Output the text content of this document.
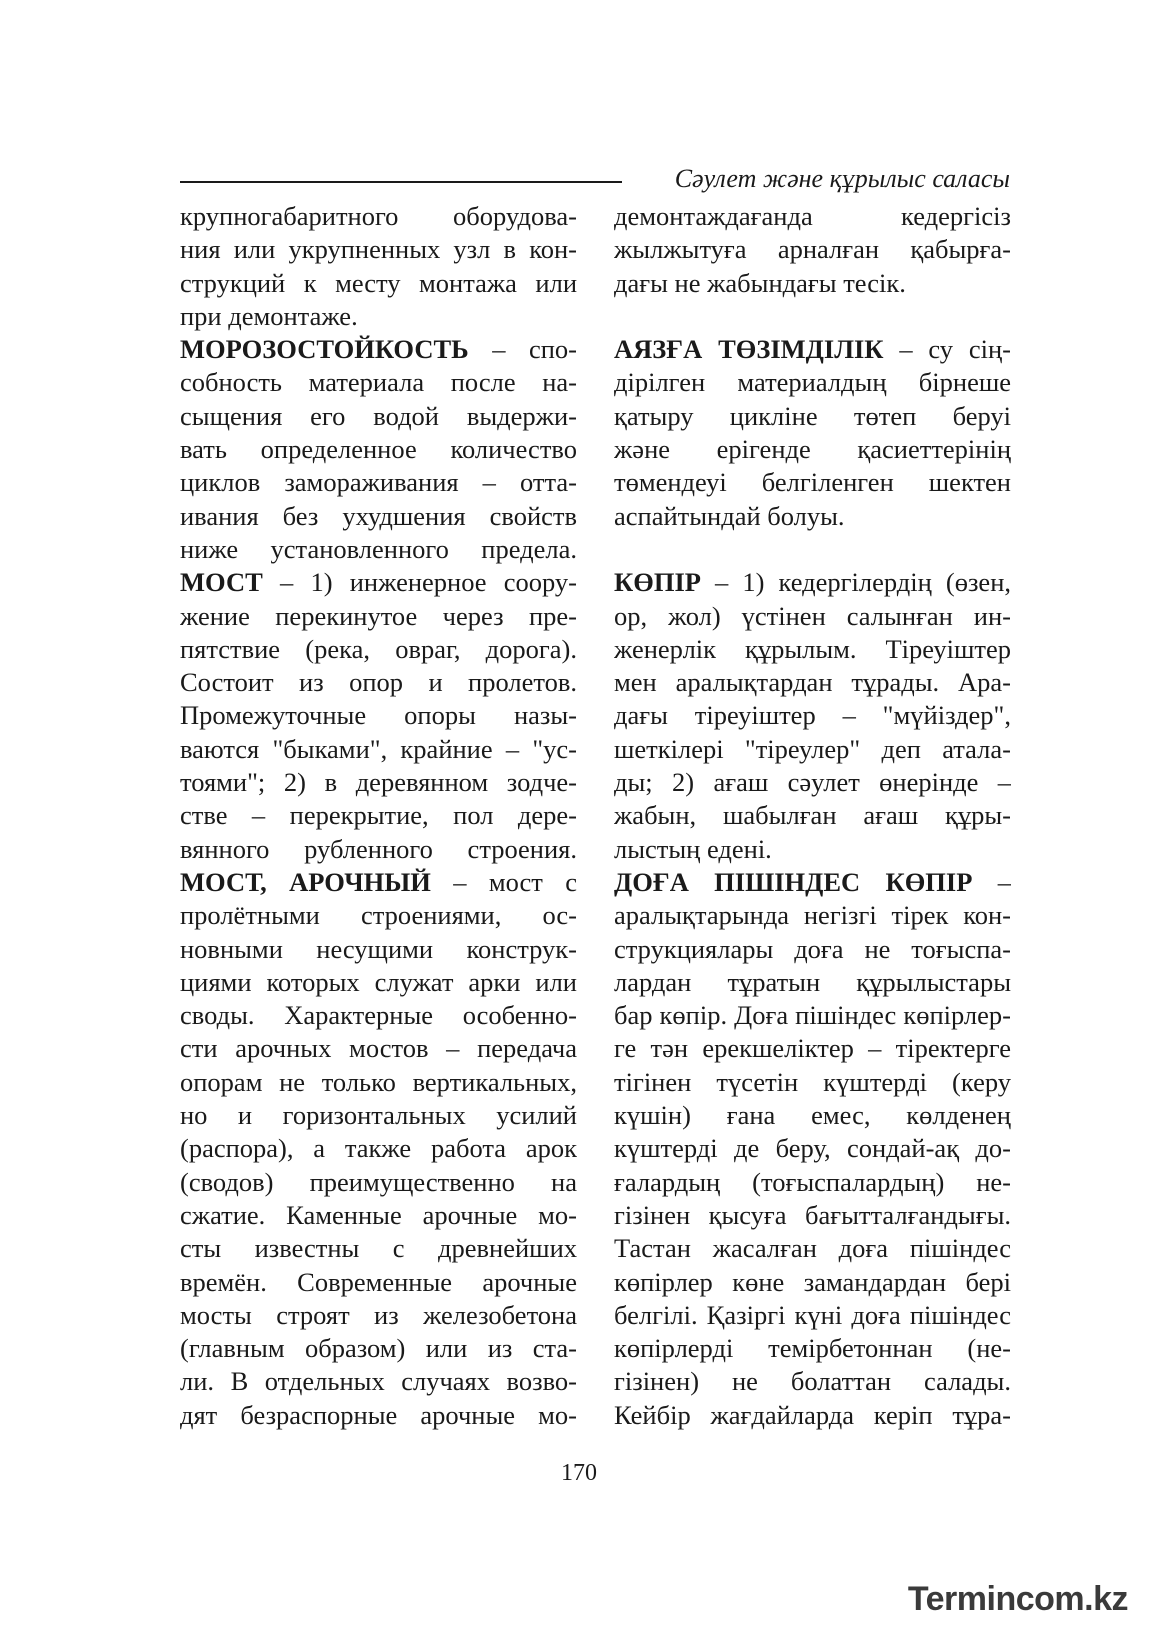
Сәулет және құрылыс саласы
крупногабаритного оборудова-
ния или укрупненных узл в кон-
струкций к месту монтажа или
при демонтаже.
МОРОЗОСТОЙКОСТЬ – спо-
собность материала после на-
сыщения его водой выдержи-
вать определенное количество
циклов замораживания – отта-
ивания без ухудшения свойств
ниже установленного предела.
МОСТ – 1) инженерное соору-
жение перекинутое через пре-
пятствие (река, овраг, дорога).
Состоит из опор и пролетов.
Промежуточные опоры назы-
ваются "быками", крайние – "ус-
тоями"; 2) в деревянном зодче-
стве – перекрытие, пол дере-
вянного рубленного строения.
МОСТ, АРОЧНЫЙ – мост с
пролётными строениями, ос-
новными несущими конструк-
циями которых служат арки или
своды. Характерные особенно-
сти арочных мостов – передача
опорам не только вертикальных,
но и горизонтальных усилий
(распора), а также работа арок
(сводов) преимущественно на
сжатие. Каменные арочные мо-
сты известны с древнейших
времён. Современные арочные
мосты строят из железобетона
(главным образом) или из ста-
ли. В отдельных случаях возво-
дят безраспорные арочные мо-
демонтаждағанда кедергісіз
жылжытуға арналған қабырға-
дағы не жабындағы тесік.
АЯЗҒА ТӨЗІМДІЛІК – су сің-
дірілген материалдың бірнеше
қатыру цикліне төтеп беруі
және ерігенде қасиеттерінің
төмендеуі белгіленген шектен
аспайтындай болуы.
КӨПІР – 1) кедергілердің (өзен,
ор, жол) үстінен салынған ин-
женерлік құрылым. Тіреуіштер
мен аралықтардан тұрады. Ара-
дағы тіреуіштер – "мүйіздер",
шеткілері "тіреулер" деп атала-
ды; 2) ағаш сәулет өнерінде –
жабын, шабылған ағаш құры-
лыстың едені.
ДОҒА ПІШІНДЕС КӨПІР –
аралықтарында негізгі тірек кон-
струкциялары доға не тоғыспа-
лардан тұратын құрылыстары
бар көпір. Доға пішіндес көпірлер-
ге тән ерекшеліктер – тіректерге
тігінен түсетін күштерді (керу
күшін) ғана емес, көлденең
күштерді де беру, сондай-ақ до-
ғалардың (тоғыспалардың) не-
гізінен қысуға бағытталғандығы.
Тастан жасалған доға пішіндес
көпірлер көне замандардан бері
белгілі. Қазіргі күні доға пішіндес
көпірлерді темірбетоннан (не-
гізінен) не болаттан салады.
Кейбір жағдайларда керіп тұра-
170
Termincom.kz
